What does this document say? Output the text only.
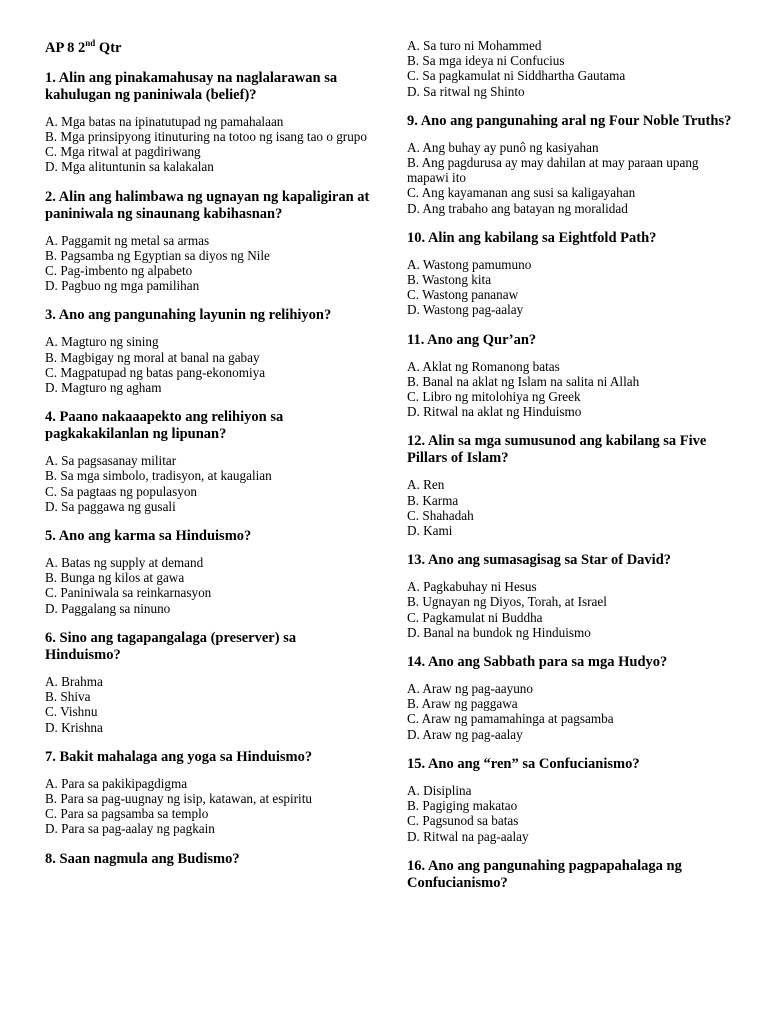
AP 8 2nd Qtr
1. Alin ang pinakamahusay na naglalarawan sa kahulugan ng paniniwala (belief)?
A. Mga batas na ipinatutupad ng pamahalaan
B. Mga prinsipyong itinuturing na totoo ng isang tao o grupo
C. Mga ritwal at pagdiriwang
D. Mga alituntunin sa kalakalan
2. Alin ang halimbawa ng ugnayan ng kapaligiran at paniniwala ng sinaunang kabihasnan?
A. Paggamit ng metal sa armas
B. Pagsamba ng Egyptian sa diyos ng Nile
C. Pag-imbento ng alpabeto
D. Pagbuo ng mga pamilihan
3. Ano ang pangunahing layunin ng relihiyon?
A. Magturo ng sining
B. Magbigay ng moral at banal na gabay
C. Magpatupad ng batas pang-ekonomiya
D. Magturo ng agham
4. Paano nakaaapekto ang relihiyon sa pagkakakilanlan ng lipunan?
A. Sa pagsasanay militar
B. Sa mga simbolo, tradisyon, at kaugalian
C. Sa pagtaas ng populasyon
D. Sa paggawa ng gusali
5. Ano ang karma sa Hinduismo?
A. Batas ng supply at demand
B. Bunga ng kilos at gawa
C. Paniniwala sa reinkarnasyon
D. Paggalang sa ninuno
6. Sino ang tagapangalaga (preserver) sa Hinduismo?
A. Brahma
B. Shiva
C. Vishnu
D. Krishna
7. Bakit mahalaga ang yoga sa Hinduismo?
A. Para sa pakikipagdigma
B. Para sa pag-uugnay ng isip, katawan, at espiritu
C. Para sa pagsamba sa templo
D. Para sa pag-aalay ng pagkain
8. Saan nagmula ang Budismo?
A. Sa turo ni Mohammed
B. Sa mga ideya ni Confucius
C. Sa pagkamulat ni Siddhartha Gautama
D. Sa ritwal ng Shinto
9. Ano ang pangunahing aral ng Four Noble Truths?
A. Ang buhay ay punô ng kasiyahan
B. Ang pagdurusa ay may dahilan at may paraan upang mapawi ito
C. Ang kayamanan ang susi sa kaligayahan
D. Ang trabaho ang batayan ng moralidad
10. Alin ang kabilang sa Eightfold Path?
A. Wastong pamumuno
B. Wastong kita
C. Wastong pananaw
D. Wastong pag-aalay
11. Ano ang Qur’an?
A. Aklat ng Romanong batas
B. Banal na aklat ng Islam na salita ni Allah
C. Libro ng mitolohiya ng Greek
D. Ritwal na aklat ng Hinduismo
12. Alin sa mga sumusunod ang kabilang sa Five Pillars of Islam?
A. Ren
B. Karma
C. Shahadah
D. Kami
13. Ano ang sumasagisag sa Star of David?
A. Pagkabuhay ni Hesus
B. Ugnayan ng Diyos, Torah, at Israel
C. Pagkamulat ni Buddha
D. Banal na bundok ng Hinduismo
14. Ano ang Sabbath para sa mga Hudyo?
A. Araw ng pag-aayuno
B. Araw ng paggawa
C. Araw ng pamamahinga at pagsamba
D. Araw ng pag-aalay
15. Ano ang “ren” sa Confucianismo?
A. Disiplina
B. Pagiging makatao
C. Pagsunod sa batas
D. Ritwal na pag-aalay
16. Ano ang pangunahing pagpapahalaga ng Confucianismo?
